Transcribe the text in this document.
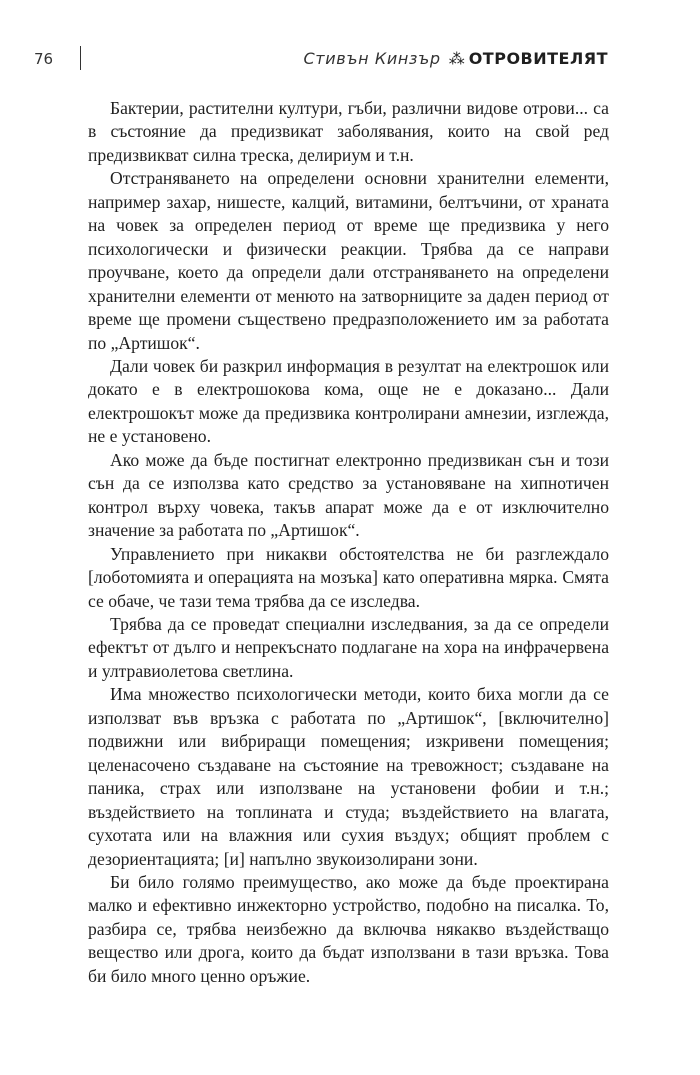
76	Стивън Кинзър ⁂ ОТРОВИТЕЛЯТ

Бактерии, растителни култури, гъби, различни видове отрови... са в състояние да предизвикат заболявания, които на свой ред предизвикват силна треска, делириум и т.н.

Отстраняването на определени основни хранителни елементи, например захар, нишесте, калций, витамини, белтъчини, от храната на човек за определен период от време ще предизвика у него психологически и физически реакции. Трябва да се направи проучване, което да определи дали отстраняването на определени хранителни елементи от менюто на затворниците за даден период от време ще промени съществено предразположението им за работата по „Артишок“.

Дали човек би разкрил информация в резултат на електрошок или докато е в електрошокова кома, още не е доказано... Дали електрошокът може да предизвика контролирани амнезии, изглежда, не е установено.

Ако може да бъде постигнат електронно предизвикан сън и този сън да се използва като средство за установяване на хипнотичен контрол върху човека, такъв апарат може да е от изключително значение за работата по „Артишок“.

Управлението при никакви обстоятелства не би разглеждало [лоботомията и операцията на мозъка] като оперативна мярка. Смята се обаче, че тази тема трябва да се изследва.

Трябва да се проведат специални изследвания, за да се определи ефектът от дълго и непрекъснато подлагане на хора на инфрачервена и ултравиолетова светлина.

Има множество психологически методи, които биха могли да се използват във връзка с работата по „Артишок“, [включително] подвижни или вибриращи помещения; изкривени помещения; целенасочено създаване на състояние на тревожност; създаване на паника, страх или използване на установени фобии и т.н.; въздействието на топлината и студа; въздействието на влагата, сухотата или на влажния или сухия въздух; общият проблем с дезориентацията; [и] напълно звукоизолирани зони.

Би било голямо преимущество, ако може да бъде проектирана малко и ефективно инжекторно устройство, подобно на писалка. То, разбира се, трябва неизбежно да включва някакво въздействащо вещество или дрога, които да бъдат използвани в тази връзка. Това би било много ценно оръжие.
